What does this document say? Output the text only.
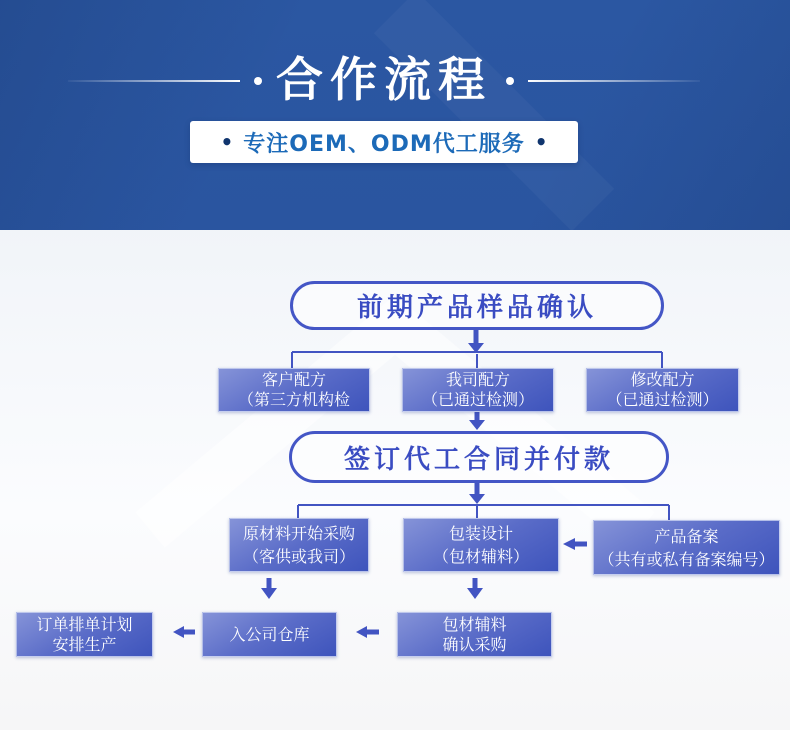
合作流程
• 专注OEM、ODM代工服务 •
前期产品样品确认
客户配方
（第三方机构检
我司配方
（已通过检测）
修改配方
（已通过检测）
签订代工合同并付款
原材料开始采购
（客供或我司）
包装设计
（包材辅料）
产品备案
（共有或私有备案编号）
订单排单计划
安排生产
入公司仓库
包材辅料
确认采购
